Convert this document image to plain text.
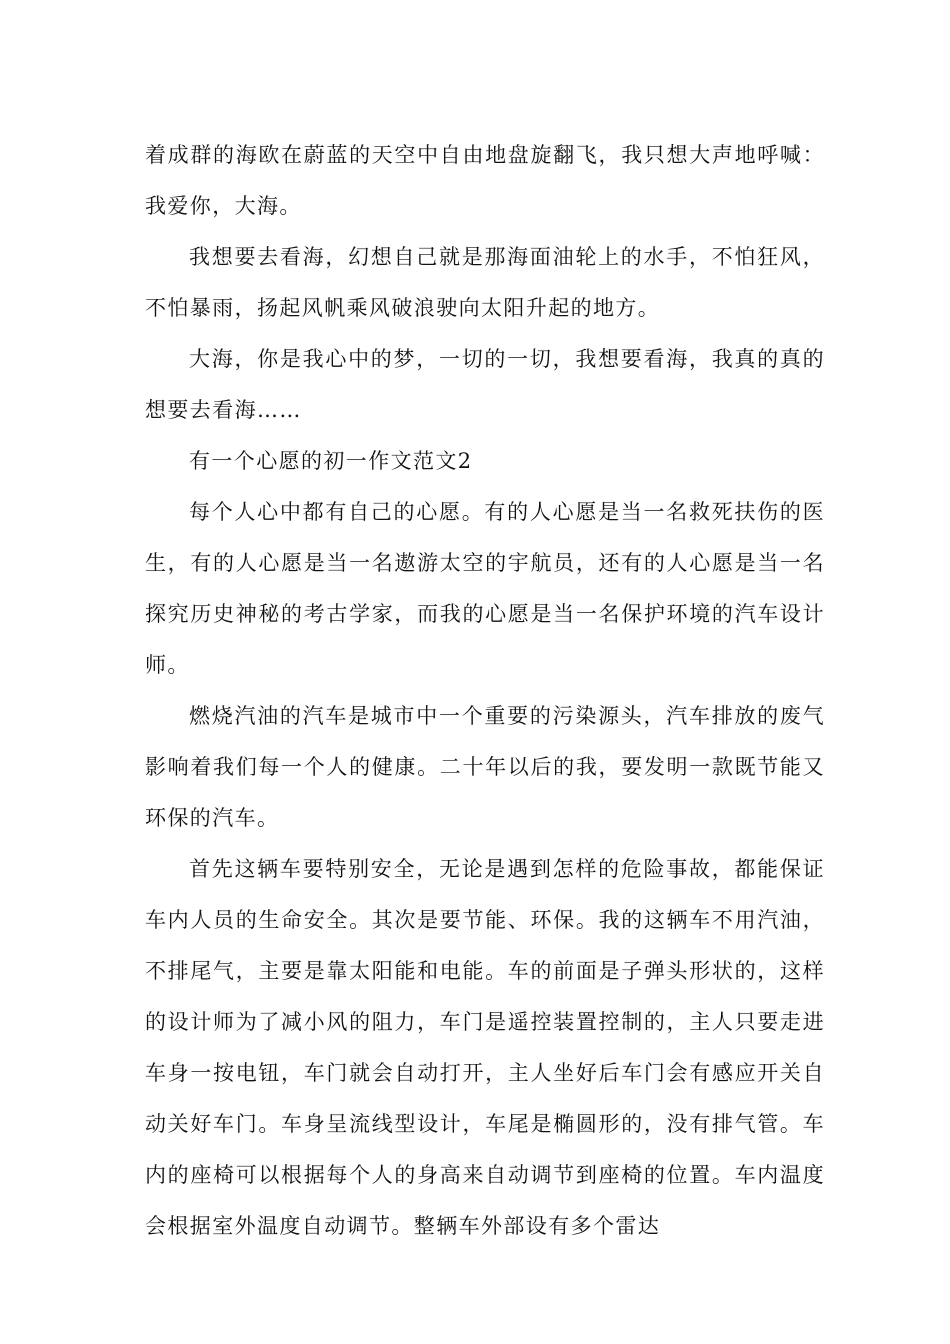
着成群的海欧在蔚蓝的天空中自由地盘旋翻飞，我只想大声地呼喊：我爱你，大海。

我想要去看海，幻想自己就是那海面油轮上的水手，不怕狂风，不怕暴雨，扬起风帆乘风破浪驶向太阳升起的地方。

大海，你是我心中的梦，一切的一切，我想要看海，我真的真的想要去看海……

有一个心愿的初一作文范文2

每个人心中都有自己的心愿。有的人心愿是当一名救死扶伤的医生，有的人心愿是当一名遨游太空的宇航员，还有的人心愿是当一名探究历史神秘的考古学家，而我的心愿是当一名保护环境的汽车设计师。

燃烧汽油的汽车是城市中一个重要的污染源头，汽车排放的废气影响着我们每一个人的健康。二十年以后的我，要发明一款既节能又环保的汽车。

首先这辆车要特别安全，无论是遇到怎样的危险事故，都能保证车内人员的生命安全。其次是要节能、环保。我的这辆车不用汽油，不排尾气，主要是靠太阳能和电能。车的前面是子弹头形状的，这样的设计师为了减小风的阻力，车门是遥控装置控制的，主人只要走进车身一按电钮，车门就会自动打开，主人坐好后车门会有感应开关自动关好车门。车身呈流线型设计，车尾是椭圆形的，没有排气管。车内的座椅可以根据每个人的身高来自动调节到座椅的位置。车内温度会根据室外温度自动调节。整辆车外部设有多个雷达
